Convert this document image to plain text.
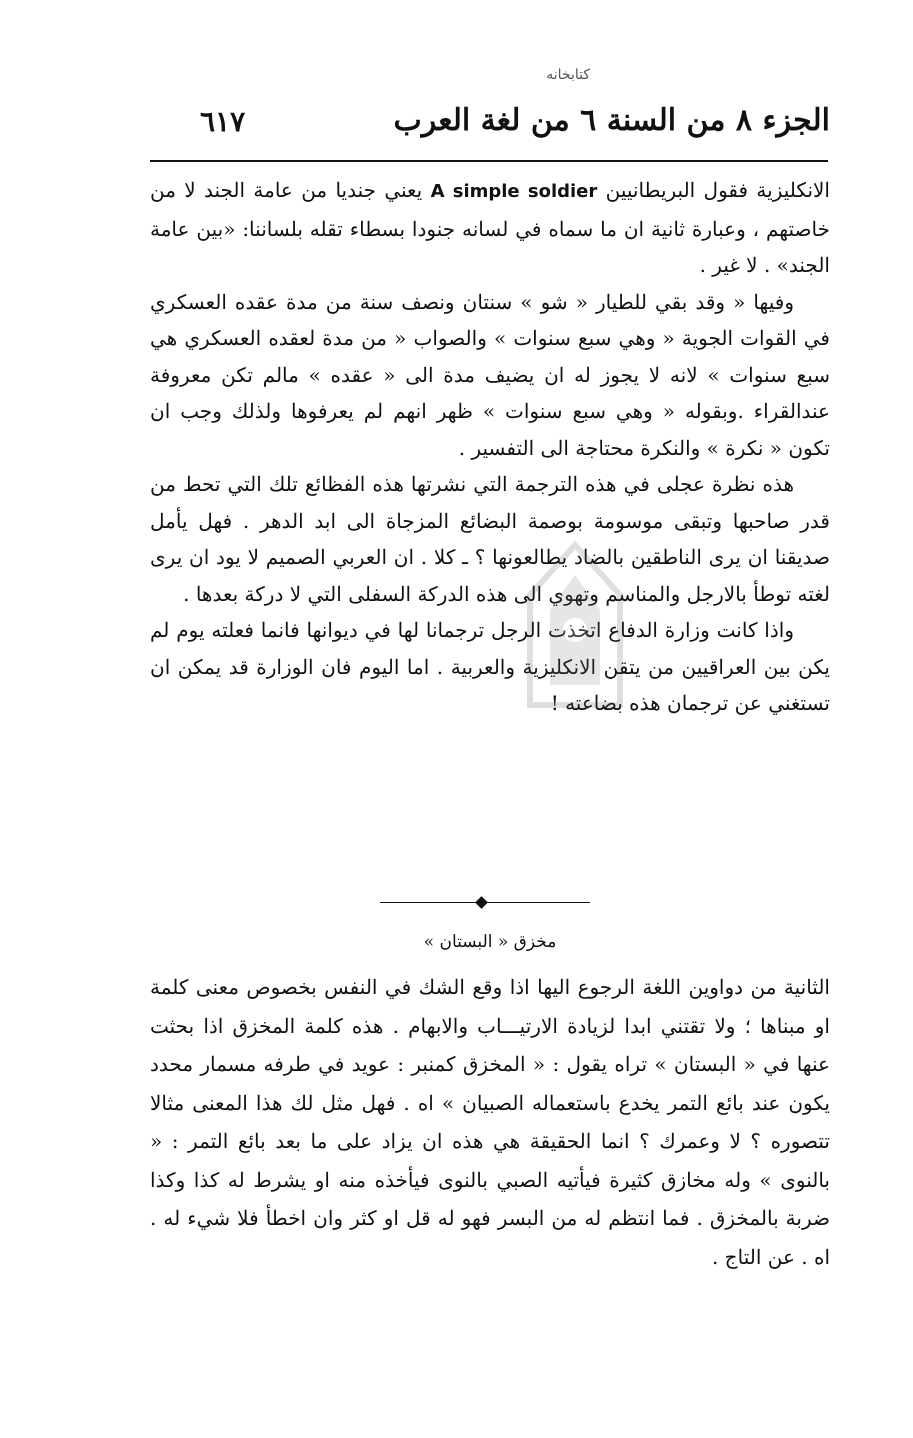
كتابخانه
الجزء ٨ من السنة ٦ من لغة العرب
٦١٧

الانكليزية فقول البريطانيين A simple soldier يعني جنديا من عامة الجند لا من خاصتهم ، وعبارة ثانية ان ما سماه في لسانه جنودا بسطاء تقله بلساننا: «بين عامة الجند» . لا غير .

وفيها « وقد بقي للطيار « شو » سنتان ونصف سنة من مدة عقده العسكري في القوات الجوية « وهي سبع سنوات » والصواب « من مدة لعقده العسكري هي سبع سنوات » لانه لا يجوز له ان يضيف مدة الى « عقده » مالم تكن معروفة عندالقراء .وبقوله « وهي سبع سنوات » ظهر انهم لم يعرفوها ولذلك وجب ان تكون « نكرة » والنكرة محتاجة الى التفسير .

هذه نظرة عجلى في هذه الترجمة التي نشرتها هذه الفظائع تلك التي تحط من قدر صاحبها وتبقى موسومة بوصمة البضائع المزجاة الى ابد الدهر . فهل يأمل صديقنا ان يرى الناطقين بالضاد يطالعونها ؟ ـ كلا . ان العربي الصميم لا يود ان يرى لغته توطأ بالارجل والمناسم وتهوي الى هذه الدركة السفلى التي لا دركة بعدها .

واذا كانت وزارة الدفاع اتخذت الرجل ترجمانا لها في ديوانها فانما فعلته يوم لم يكن بين العراقيين من يتقن الانكليزية والعربية . اما اليوم فان الوزارة قد يمكن ان تستغني عن ترجمان هذه بضاعته !

مخزق « البستان »

الثانية من دواوين اللغة الرجوع اليها اذا وقع الشك في النفس بخصوص معنى كلمة او مبناها ؛ ولا تقتني ابدا لزيادة الارتيـــاب والابهام . هذه كلمة المخزق اذا بحثت عنها في « البستان » تراه يقول : « المخزق كمنبر : عويد في طرفه مسمار محدد يكون عند بائع التمر يخدع باستعماله الصبيان » اه . فهل مثل لك هذا المعنى مثالا تتصوره ؟ لا وعمرك ؟ انما الحقيقة هي هذه ان يزاد على ما بعد بائع التمر : « بالنوى » وله مخازق كثيرة فيأتيه الصبي بالنوى فيأخذه منه او يشرط له كذا وكذا ضربة بالمخزق . فما انتظم له من البسر فهو له قل او كثر وان اخطأ فلا شيء له . اه . عن التاج .
